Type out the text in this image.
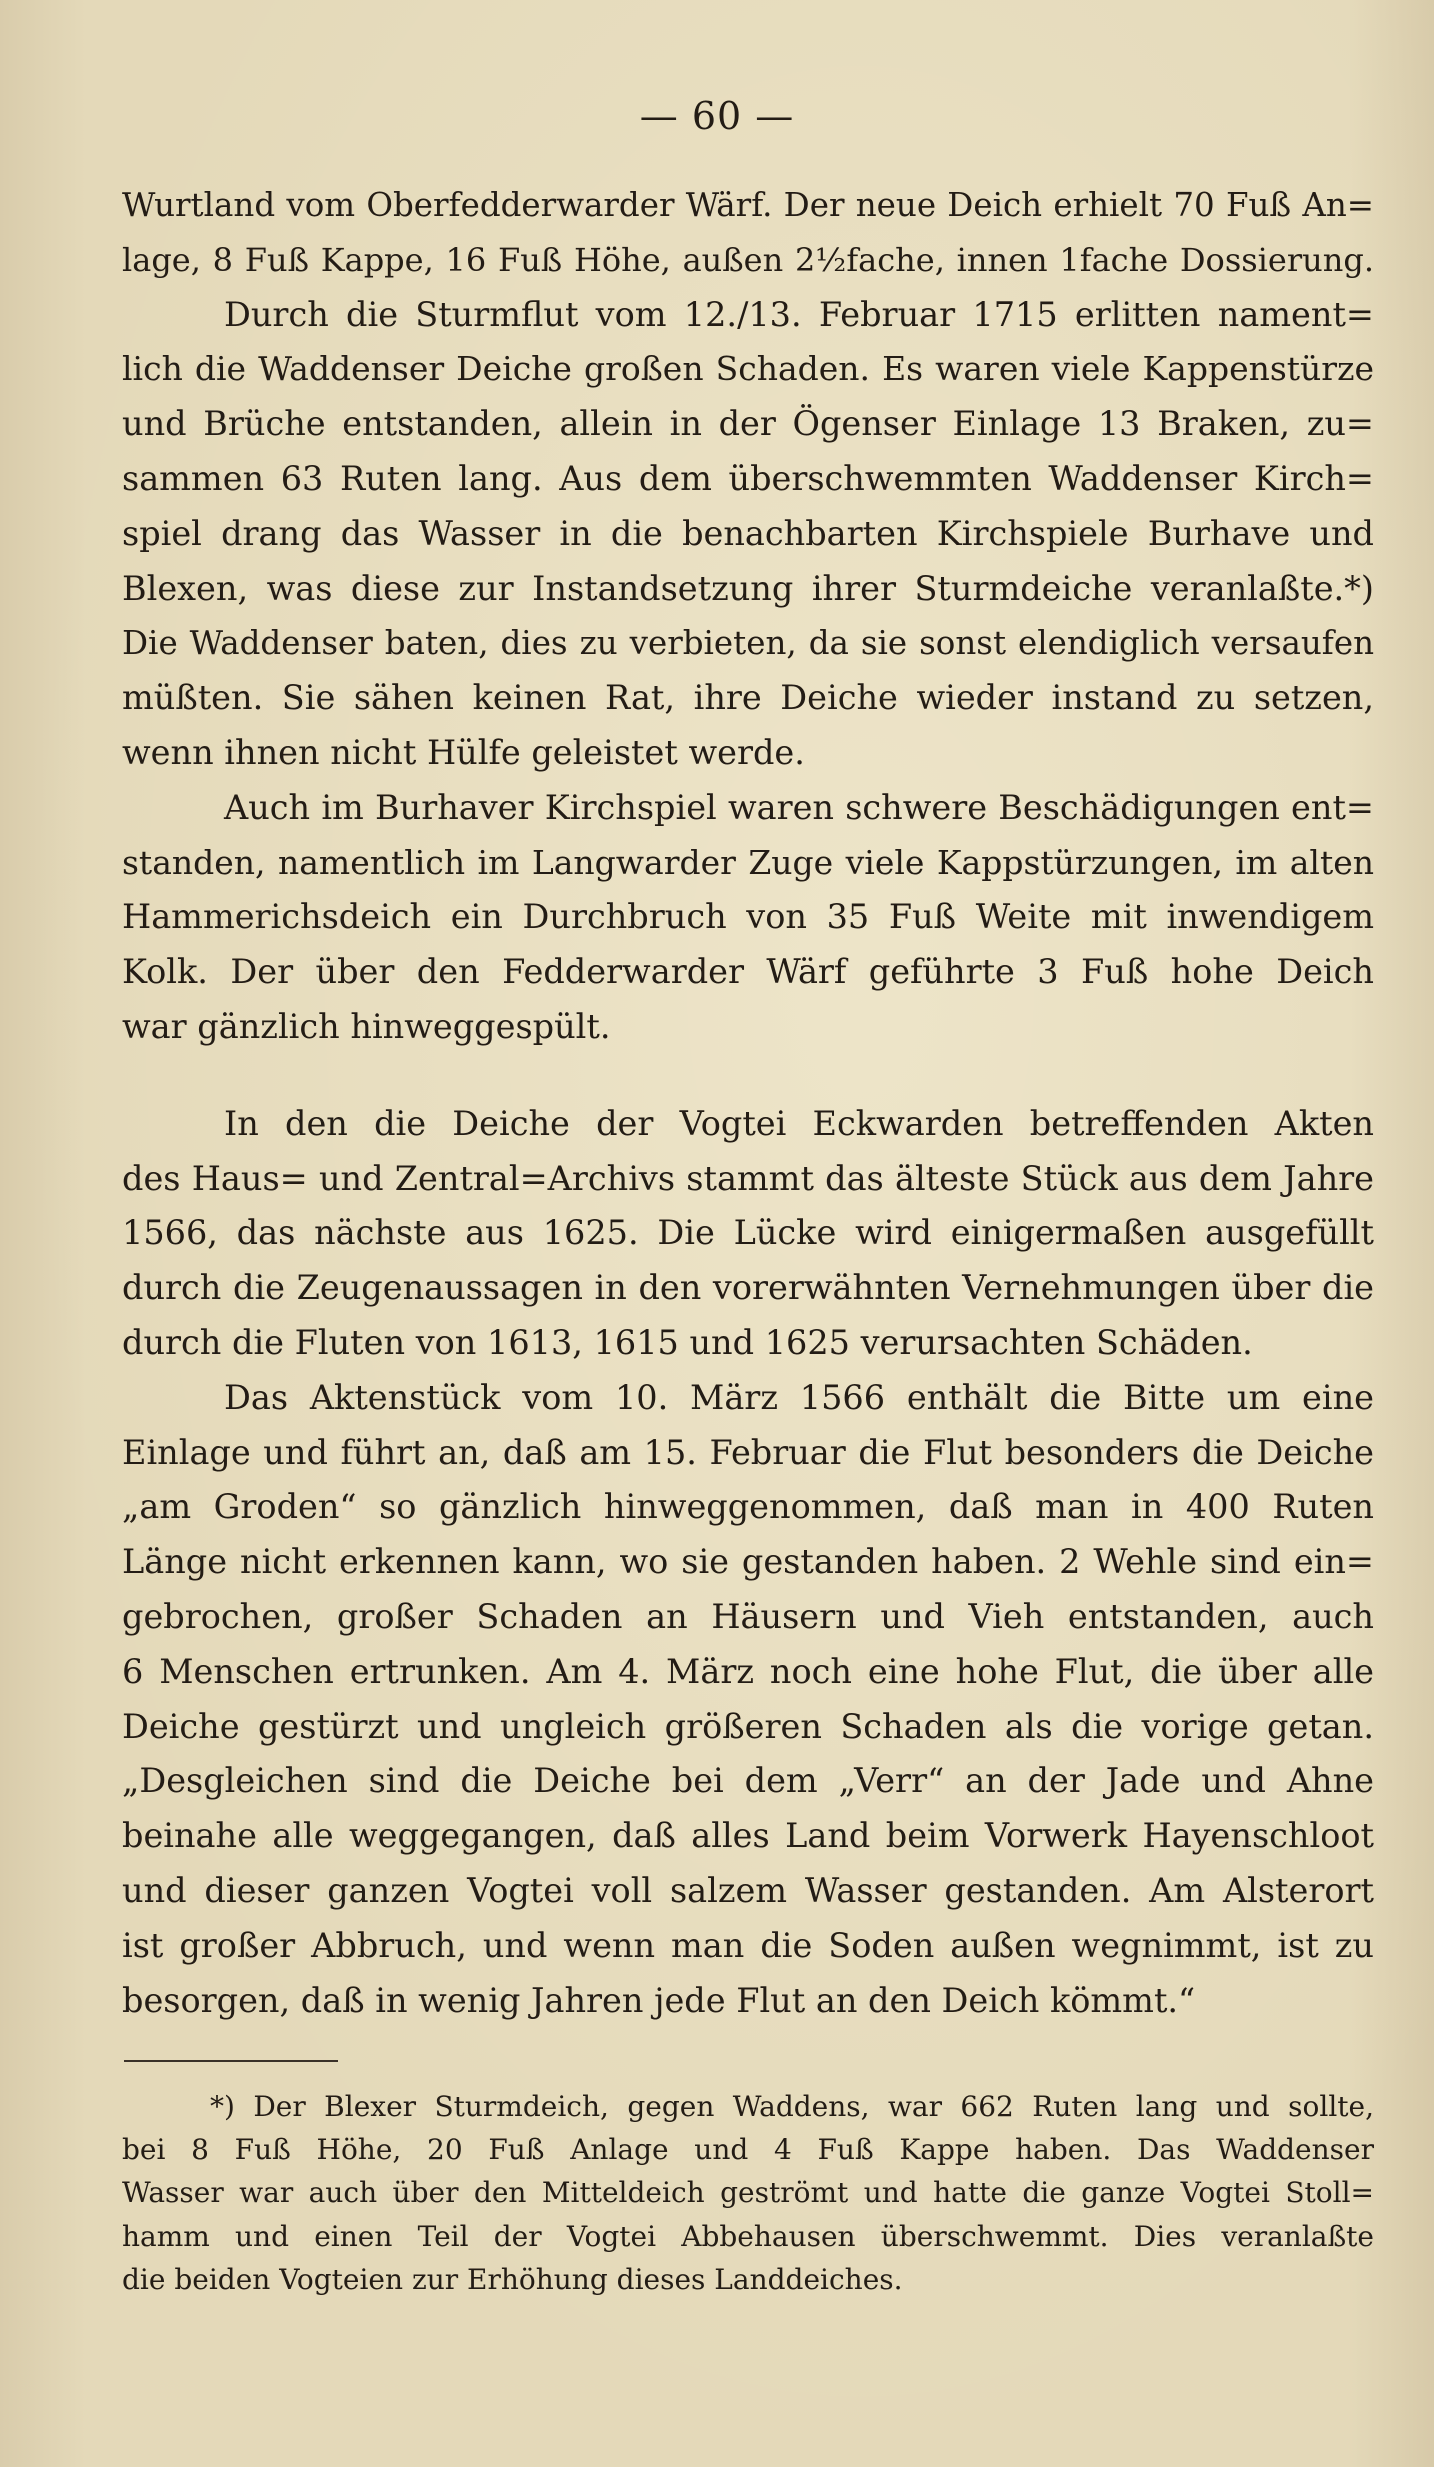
— 60 —
Wurtland vom Oberfedderwarder Wärf. Der neue Deich erhielt 70 Fuß An=
lage, 8 Fuß Kappe, 16 Fuß Höhe, außen 2½fache, innen 1fache Dossierung.
Durch die Sturmflut vom 12./13. Februar 1715 erlitten nament=
lich die Waddenser Deiche großen Schaden. Es waren viele Kappenstürze
und Brüche entstanden, allein in der Ögenser Einlage 13 Braken, zu=
sammen 63 Ruten lang. Aus dem überschwemmten Waddenser Kirch=
spiel drang das Wasser in die benachbarten Kirchspiele Burhave und
Blexen, was diese zur Instandsetzung ihrer Sturmdeiche veranlaßte.*)
Die Waddenser baten, dies zu verbieten, da sie sonst elendiglich versaufen
müßten. Sie sähen keinen Rat, ihre Deiche wieder instand zu setzen,
wenn ihnen nicht Hülfe geleistet werde.
Auch im Burhaver Kirchspiel waren schwere Beschädigungen ent=
standen, namentlich im Langwarder Zuge viele Kappstürzungen, im alten
Hammerichsdeich ein Durchbruch von 35 Fuß Weite mit inwendigem
Kolk. Der über den Fedderwarder Wärf geführte 3 Fuß hohe Deich
war gänzlich hinweggespült.
In den die Deiche der Vogtei Eckwarden betreffenden Akten
des Haus= und Zentral=Archivs stammt das älteste Stück aus dem Jahre
1566, das nächste aus 1625. Die Lücke wird einigermaßen ausgefüllt
durch die Zeugenaussagen in den vorerwähnten Vernehmungen über die
durch die Fluten von 1613, 1615 und 1625 verursachten Schäden.
Das Aktenstück vom 10. März 1566 enthält die Bitte um eine
Einlage und führt an, daß am 15. Februar die Flut besonders die Deiche
„am Groden“ so gänzlich hinweggenommen, daß man in 400 Ruten
Länge nicht erkennen kann, wo sie gestanden haben. 2 Wehle sind ein=
gebrochen, großer Schaden an Häusern und Vieh entstanden, auch
6 Menschen ertrunken. Am 4. März noch eine hohe Flut, die über alle
Deiche gestürzt und ungleich größeren Schaden als die vorige getan.
„Desgleichen sind die Deiche bei dem „Verr“ an der Jade und Ahne
beinahe alle weggegangen, daß alles Land beim Vorwerk Hayenschloot
und dieser ganzen Vogtei voll salzem Wasser gestanden. Am Alsterort
ist großer Abbruch, und wenn man die Soden außen wegnimmt, ist zu
besorgen, daß in wenig Jahren jede Flut an den Deich kömmt.“
*) Der Blexer Sturmdeich, gegen Waddens, war 662 Ruten lang und sollte,
bei 8 Fuß Höhe, 20 Fuß Anlage und 4 Fuß Kappe haben. Das Waddenser
Wasser war auch über den Mitteldeich geströmt und hatte die ganze Vogtei Stoll=
hamm und einen Teil der Vogtei Abbehausen überschwemmt. Dies veranlaßte
die beiden Vogteien zur Erhöhung dieses Landdeiches.
